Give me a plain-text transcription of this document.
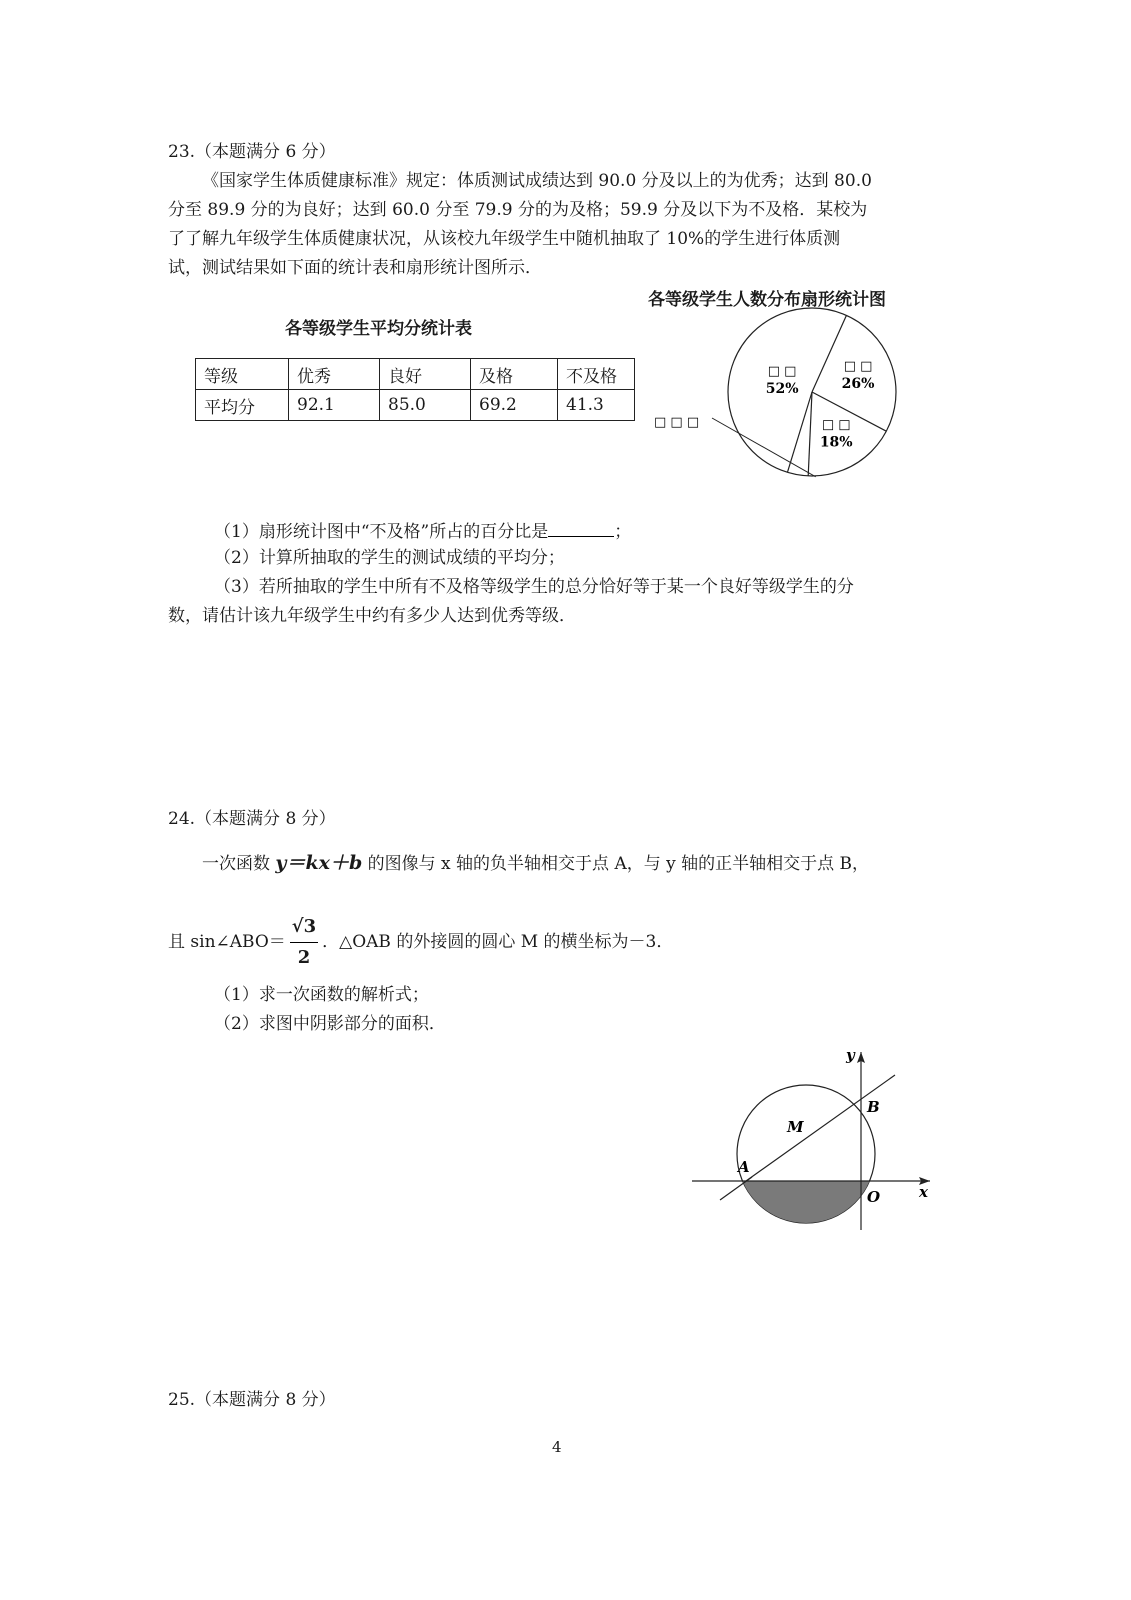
23.（本题满分 6 分）
《国家学生体质健康标准》规定：体质测试成绩达到 90.0 分及以上的为优秀；达到 80.0
分至 89.9 分的为良好；达到 60.0 分至 79.9 分的为及格；59.9 分及以下为不及格．某校为
了了解九年级学生体质健康状况，从该校九年级学生中随机抽取了 10%的学生进行体质测
试，测试结果如下面的统计表和扇形统计图所示．
各等级学生平均分统计表
等级	优秀	良好	及格	不及格
平均分	92.1	85.0	69.2	41.3
各等级学生人数分布扇形统计图
□ □
52%
□ □
26%
□ □
18%
□ □ □
（1）扇形统计图中“不及格”所占的百分比是	；
（2）计算所抽取的学生的测试成绩的平均分；
（3）若所抽取的学生中所有不及格等级学生的总分恰好等于某一个良好等级学生的分
数，请估计该九年级学生中约有多少人达到优秀等级．
24.（本题满分 8 分）
一次函数 y＝kx＋b 的图像与 x 轴的负半轴相交于点 A，与 y 轴的正半轴相交于点 B，
且 sin∠ABO＝ $\frac{√3}{2}$ ．△OAB 的外接圆的圆心 M 的横坐标为－3．
（1）求一次函数的解析式；
（2）求图中阴影部分的面积．
y
x
B
M
A
O
25.（本题满分 8 分）
4
